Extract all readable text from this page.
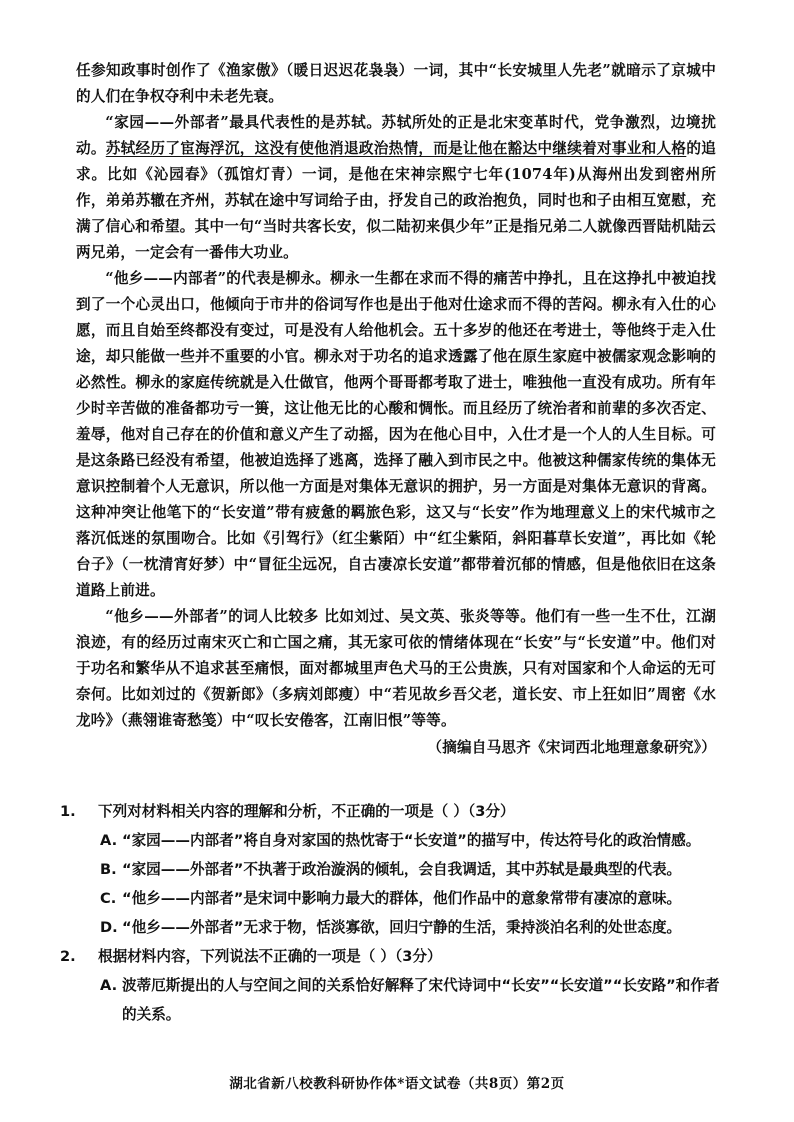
任参知政事时创作了《渔家傲》（暖日迟迟花袅袅）一词，其中“长安城里人先老”就暗示了京城中的人们在争权夺利中未老先衰。

“家园——外部者”最具代表性的是苏轼。苏轼所处的正是北宋变革时代，党争激烈，边境扰动。苏轼经历了宦海浮沉，这没有使他消退政治热情，而是让他在豁达中继续着对事业和人格的追求。比如《沁园春》（孤馆灯青）一词，是他在宋神宗熙宁七年(1074年)从海州出发到密州所作，弟弟苏辙在齐州，苏轼在途中写词给子由，抒发自己的政治抱负，同时也和子由相互宽慰，充满了信心和希望。其中一句“当时共客长安，似二陆初来俱少年”正是指兄弟二人就像西晋陆机陆云两兄弟，一定会有一番伟大功业。

“他乡——内部者”的代表是柳永。柳永一生都在求而不得的痛苦中挣扎，且在这挣扎中被迫找到了一个心灵出口，他倾向于市井的俗词写作也是出于他对仕途求而不得的苦闷。柳永有入仕的心愿，而且自始至终都没有变过，可是没有人给他机会。五十多岁的他还在考进士，等他终于走入仕途，却只能做一些并不重要的小官。柳永对于功名的追求透露了他在原生家庭中被儒家观念影响的必然性。柳永的家庭传统就是入仕做官，他两个哥哥都考取了进士，唯独他一直没有成功。所有年少时辛苦做的准备都功亏一篑，这让他无比的心酸和惆怅。而且经历了统治者和前辈的多次否定、羞辱，他对自己存在的价值和意义产生了动摇，因为在他心目中，入仕才是一个人的人生目标。可是这条路已经没有希望，他被迫选择了逃离，选择了融入到市民之中。他被这种儒家传统的集体无意识控制着个人无意识，所以他一方面是对集体无意识的拥护，另一方面是对集体无意识的背离。这种冲突让他笔下的“长安道”带有疲惫的羁旅色彩，这又与“长安”作为地理意义上的宋代城市之落沉低迷的氛围吻合。比如《引驾行》（红尘紫陌）中“红尘紫陌，斜阳暮草长安道”，再比如《轮台子》（一枕清宵好梦）中“冒征尘远况，自古凄凉长安道”都带着沉郁的情感，但是他依旧在这条道路上前进。

“他乡——外部者”的词人比较多 比如刘过、吴文英、张炎等等。他们有一些一生不仕，江湖浪迹，有的经历过南宋灭亡和亡国之痛，其无家可依的情绪体现在“长安”与“长安道”中。他们对于功名和繁华从不追求甚至痛恨，面对都城里声色犬马的王公贵族，只有对国家和个人命运的无可奈何。比如刘过的《贺新郎》（多病刘郎瘦）中“若见故乡吾父老，道长安、市上狂如旧”周密《水龙吟》（燕翎谁寄愁笺）中“叹长安倦客，江南旧恨”等等。

（摘编自马思齐《宋词西北地理意象研究》）

1.	下列对材料相关内容的理解和分析，不正确的一项是（ ）（3分）
A. “家园——内部者”将自身对家国的热忱寄于“长安道”的描写中，传达符号化的政治情感。
B. “家园——外部者”不执著于政治漩涡的倾轧，会自我调适，其中苏轼是最典型的代表。
C. “他乡——内部者”是宋词中影响力最大的群体，他们作品中的意象常带有凄凉的意味。
D. “他乡——外部者”无求于物，恬淡寡欲，回归宁静的生活，秉持淡泊名利的处世态度。
2.	根据材料内容，下列说法不正确的一项是（ ）（3分）
A. 波蒂厄斯提出的人与空间之间的关系恰好解释了宋代诗词中“长安”“长安道”“长安路”和作者的关系。
湖北省新八校教科研协作体*语文试卷（共8页）第2页
